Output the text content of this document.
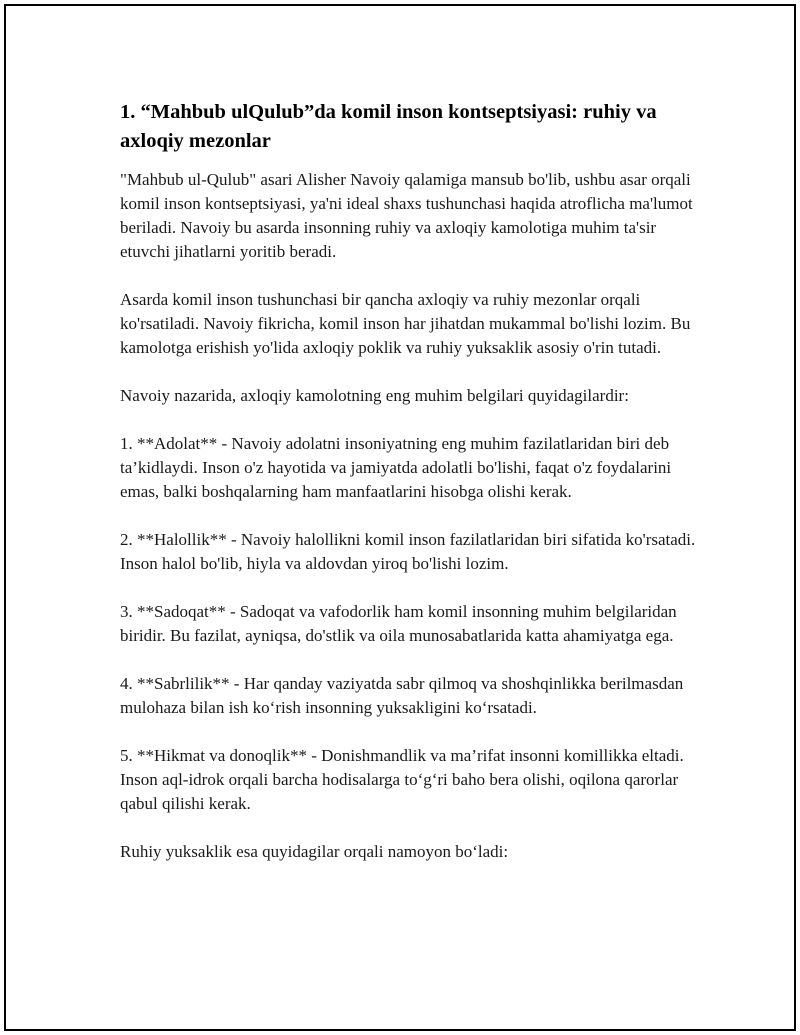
1. “Mahbub ulQulub”da komil inson kontseptsiyasi: ruhiy va axloqiy mezonlar

"Mahbub ul-Qulub" asari Alisher Navoiy qalamiga mansub bo'lib, ushbu asar orqali komil inson kontseptsiyasi, ya'ni ideal shaxs tushunchasi haqida atroflicha ma'lumot beriladi. Navoiy bu asarda insonning ruhiy va axloqiy kamolotiga muhim ta'sir etuvchi jihatlarni yoritib beradi.

Asarda komil inson tushunchasi bir qancha axloqiy va ruhiy mezonlar orqali ko'rsatiladi. Navoiy fikricha, komil inson har jihatdan mukammal bo'lishi lozim. Bu kamolotga erishish yo'lida axloqiy poklik va ruhiy yuksaklik asosiy o'rin tutadi.

Navoiy nazarida, axloqiy kamolotning eng muhim belgilari quyidagilardir:

1. **Adolat** - Navoiy adolatni insoniyatning eng muhim fazilatlaridan biri deb ta’kidlaydi. Inson o'z hayotida va jamiyatda adolatli bo'lishi, faqat o'z foydalarini emas, balki boshqalarning ham manfaatlarini hisobga olishi kerak.

2. **Halollik** - Navoiy halollikni komil inson fazilatlaridan biri sifatida ko'rsatadi. Inson halol bo'lib, hiyla va aldovdan yiroq bo'lishi lozim.

3. **Sadoqat** - Sadoqat va vafodorlik ham komil insonning muhim belgilaridan biridir. Bu fazilat, ayniqsa, do'stlik va oila munosabatlarida katta ahamiyatga ega.

4. **Sabrlilik** - Har qanday vaziyatda sabr qilmoq va shoshqinlikka berilmasdan mulohaza bilan ish ko‘rish insonning yuksakligini ko‘rsatadi.

5. **Hikmat va donoqlik** - Donishmandlik va ma’rifat insonni komillikka eltadi. Inson aql-idrok orqali barcha hodisalarga to‘g‘ri baho bera olishi, oqilona qarorlar qabul qilishi kerak.

Ruhiy yuksaklik esa quyidagilar orqali namoyon bo‘ladi:
